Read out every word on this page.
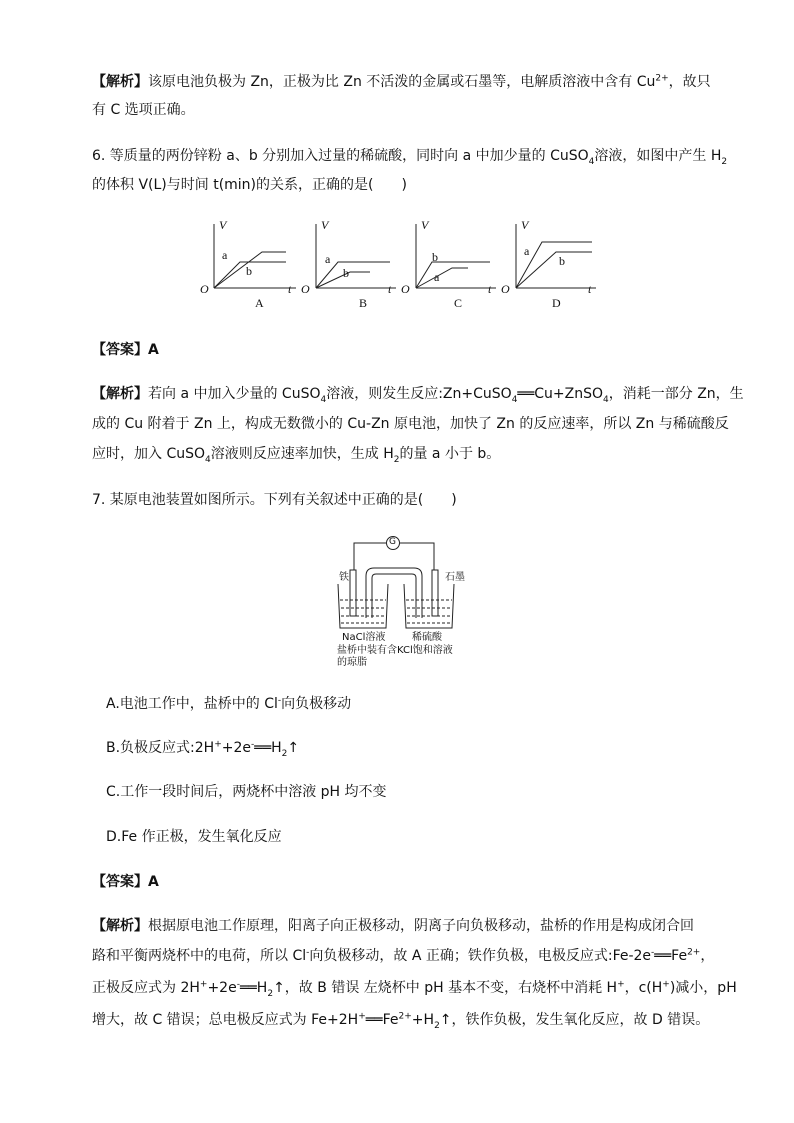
【解析】该原电池负极为 Zn，正极为比 Zn 不活泼的金属或石墨等，电解质溶液中含有 $Cu^{2+}$，故只
有 C 选项正确。
6. 等质量的两份锌粉 a、b 分别加入过量的稀硫酸，同时向 a 中加少量的 CuSO$_4$溶液，如图中产生 $H_2$
的体积 V(L)与时间 t(min)的关系，正确的是(　　)
V
O	t
a
b
A
V
O	t
a
b
B
V
O	t
b
a
C
V
O	t
a
b
D
【答案】A
【解析】若向 a 中加入少量的 CuSO$_4$溶液，则发生反应:Zn+CuSO$_4$══Cu+ZnSO$_4$，消耗一部分 Zn，生
成的 Cu 附着于 Zn 上，构成无数微小的 Cu-Zn 原电池，加快了 Zn 的反应速率，所以 Zn 与稀硫酸反
应时，加入 CuSO$_4$溶液则反应速率加快，生成 $H_2$的量 a 小于 b。
7. 某原电池装置如图所示。下列有关叙述中正确的是(　　)
G
铁	石墨
NaCl溶液	稀硫酸
盐桥中装有含KCl饱和溶液
的琼脂
A.电池工作中，盐桥中的 Cl-向负极移动
B.负极反应式$:2H^++2e^-══H_2↑$
C.工作一段时间后，两烧杯中溶液 pH 均不变
D.Fe 作正极，发生氧化反应
【答案】A
【解析】根据原电池工作原理，阳离子向正极移动，阴离子向负极移动，盐桥的作用是构成闭合回
路和平衡两烧杯中的电荷，所以 Cl-向负极移动，故 A 正确；铁作负极，电极反应式$:Fe-2e^-══Fe^{2+}$，
正极反应式为 $2H^++2e^-══H_2↑$，故 B 错误 左烧杯中 pH 基本不变，右烧杯中消耗 H+，c(H+)减小，pH
增大，故 C 错误；总电极反应式为 $Fe+2H^+══Fe^{2+}+H_2↑$，铁作负极，发生氧化反应，故 D 错误。
